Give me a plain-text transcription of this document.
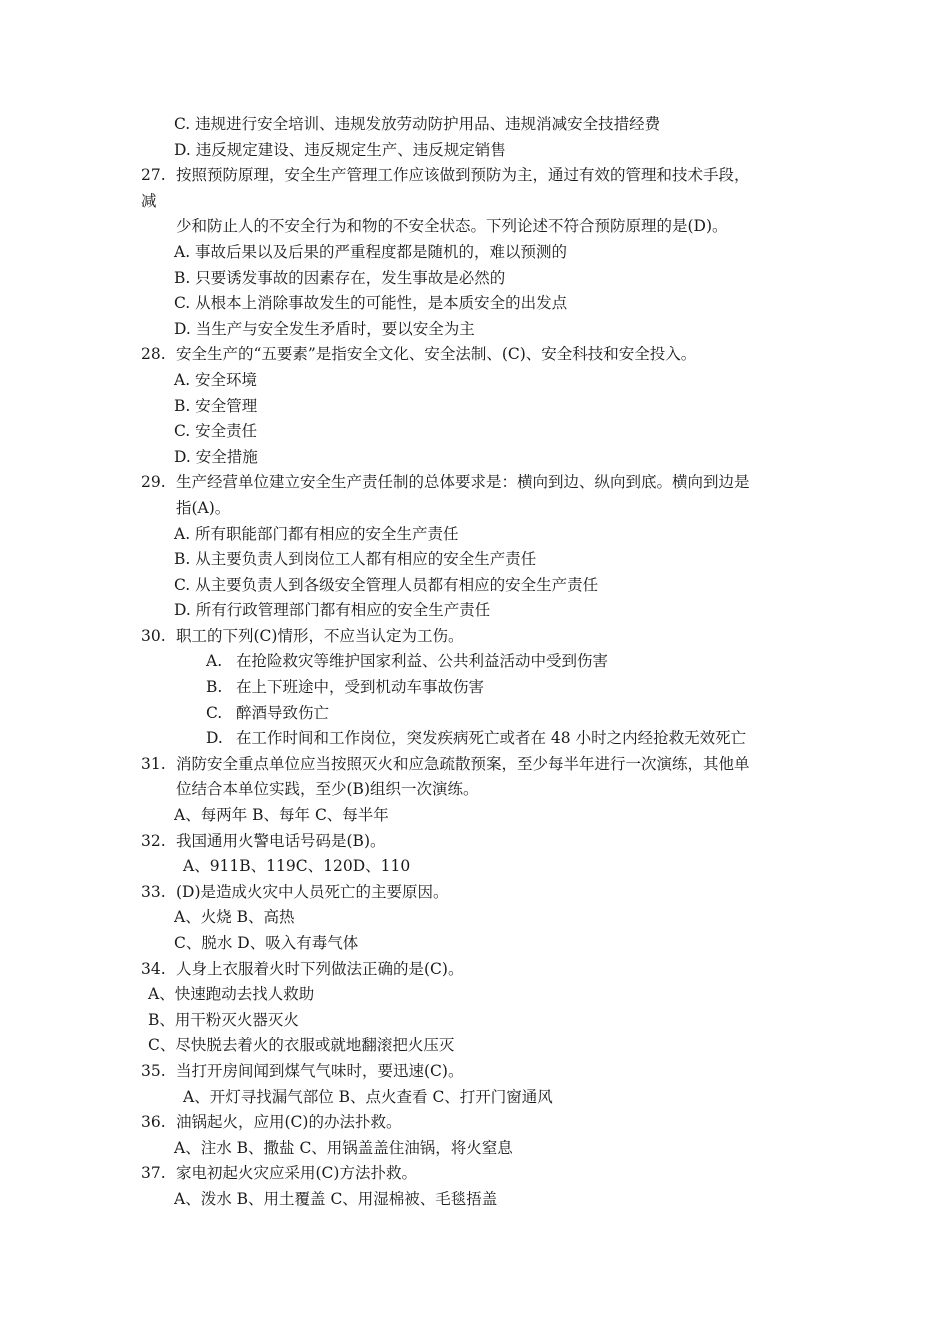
C. 违规进行安全培训、违规发放劳动防护用品、违规消减安全技措经费
D. 违反规定建设、违反规定生产、违反规定销售
27. 按照预防原理，安全生产管理工作应该做到预防为主，通过有效的管理和技术手段，
减
少和防止人的不安全行为和物的不安全状态。下列论述不符合预防原理的是(D)。
A. 事故后果以及后果的严重程度都是随机的，难以预测的
B. 只要诱发事故的因素存在，发生事故是必然的
C. 从根本上消除事故发生的可能性，是本质安全的出发点
D. 当生产与安全发生矛盾时，要以安全为主
28. 安全生产的“五要素”是指安全文化、安全法制、(C)、安全科技和安全投入。
A. 安全环境
B. 安全管理
C. 安全责任
D. 安全措施
29. 生产经营单位建立安全生产责任制的总体要求是：横向到边、纵向到底。横向到边是
指(A)。
A. 所有职能部门都有相应的安全生产责任
B. 从主要负责人到岗位工人都有相应的安全生产责任
C. 从主要负责人到各级安全管理人员都有相应的安全生产责任
D. 所有行政管理部门都有相应的安全生产责任
30. 职工的下列(C)情形，不应当认定为工伤。
A. 在抢险救灾等维护国家利益、公共利益活动中受到伤害
B. 在上下班途中，受到机动车事故伤害
C. 醉酒导致伤亡
D. 在工作时间和工作岗位，突发疾病死亡或者在 48 小时之内经抢救无效死亡
31. 消防安全重点单位应当按照灭火和应急疏散预案，至少每半年进行一次演练，其他单
位结合本单位实践，至少(B)组织一次演练。
A、每两年 B、每年 C、每半年
32. 我国通用火警电话号码是(B)。
A、911B、119C、120D、110
33. (D)是造成火灾中人员死亡的主要原因。
A、火烧 B、高热
C、脱水 D、吸入有毒气体
34. 人身上衣服着火时下列做法正确的是(C)。
A、快速跑动去找人救助
B、用干粉灭火器灭火
C、尽快脱去着火的衣服或就地翻滚把火压灭
35. 当打开房间闻到煤气气味时，要迅速(C)。
A、开灯寻找漏气部位 B、点火查看 C、打开门窗通风
36. 油锅起火，应用(C)的办法扑救。
A、注水 B、撒盐 C、用锅盖盖住油锅，将火窒息
37. 家电初起火灾应采用(C)方法扑救。
A、泼水 B、用土覆盖 C、用湿棉被、毛毯捂盖
